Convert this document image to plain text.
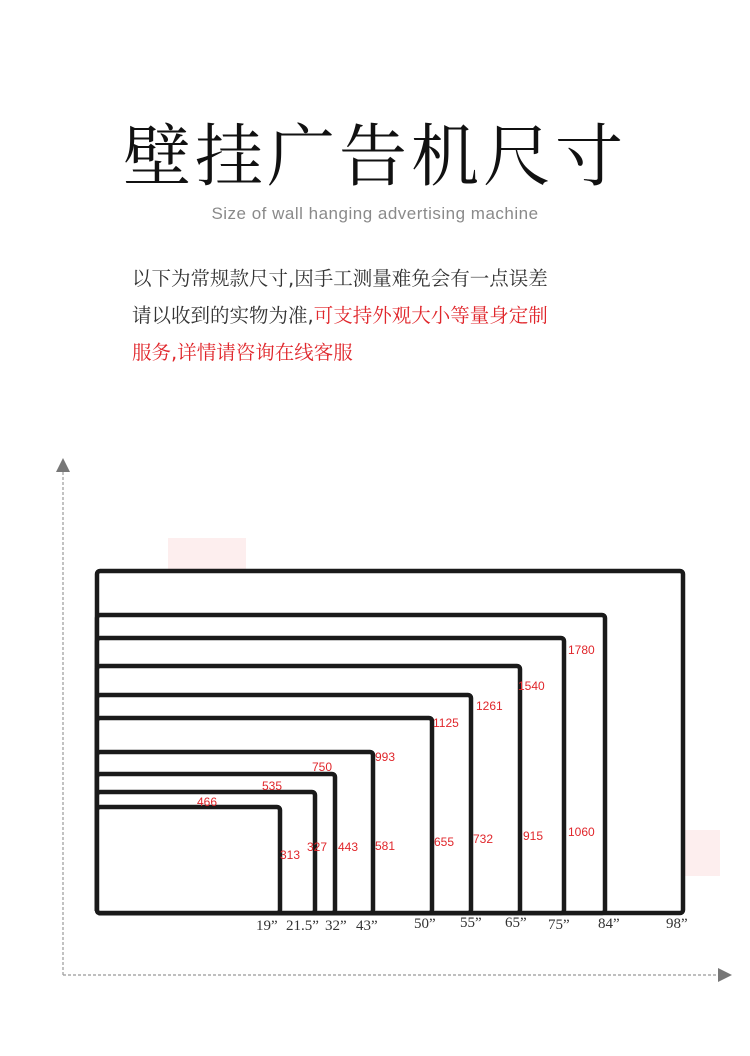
壁挂广告机尺寸
Size of wall hanging advertising machine
以下为常规款尺寸,因手工测量难免会有一点误差
请以收到的实物为准,可支持外观大小等量身定制
服务,详情请咨询在线客服
466
535
750
993
1125
1261
1540
1780
313
327 443 581	655 732 915 1060
19” 21.5” 32” 43” 50” 55” 65” 75” 84”	98”
